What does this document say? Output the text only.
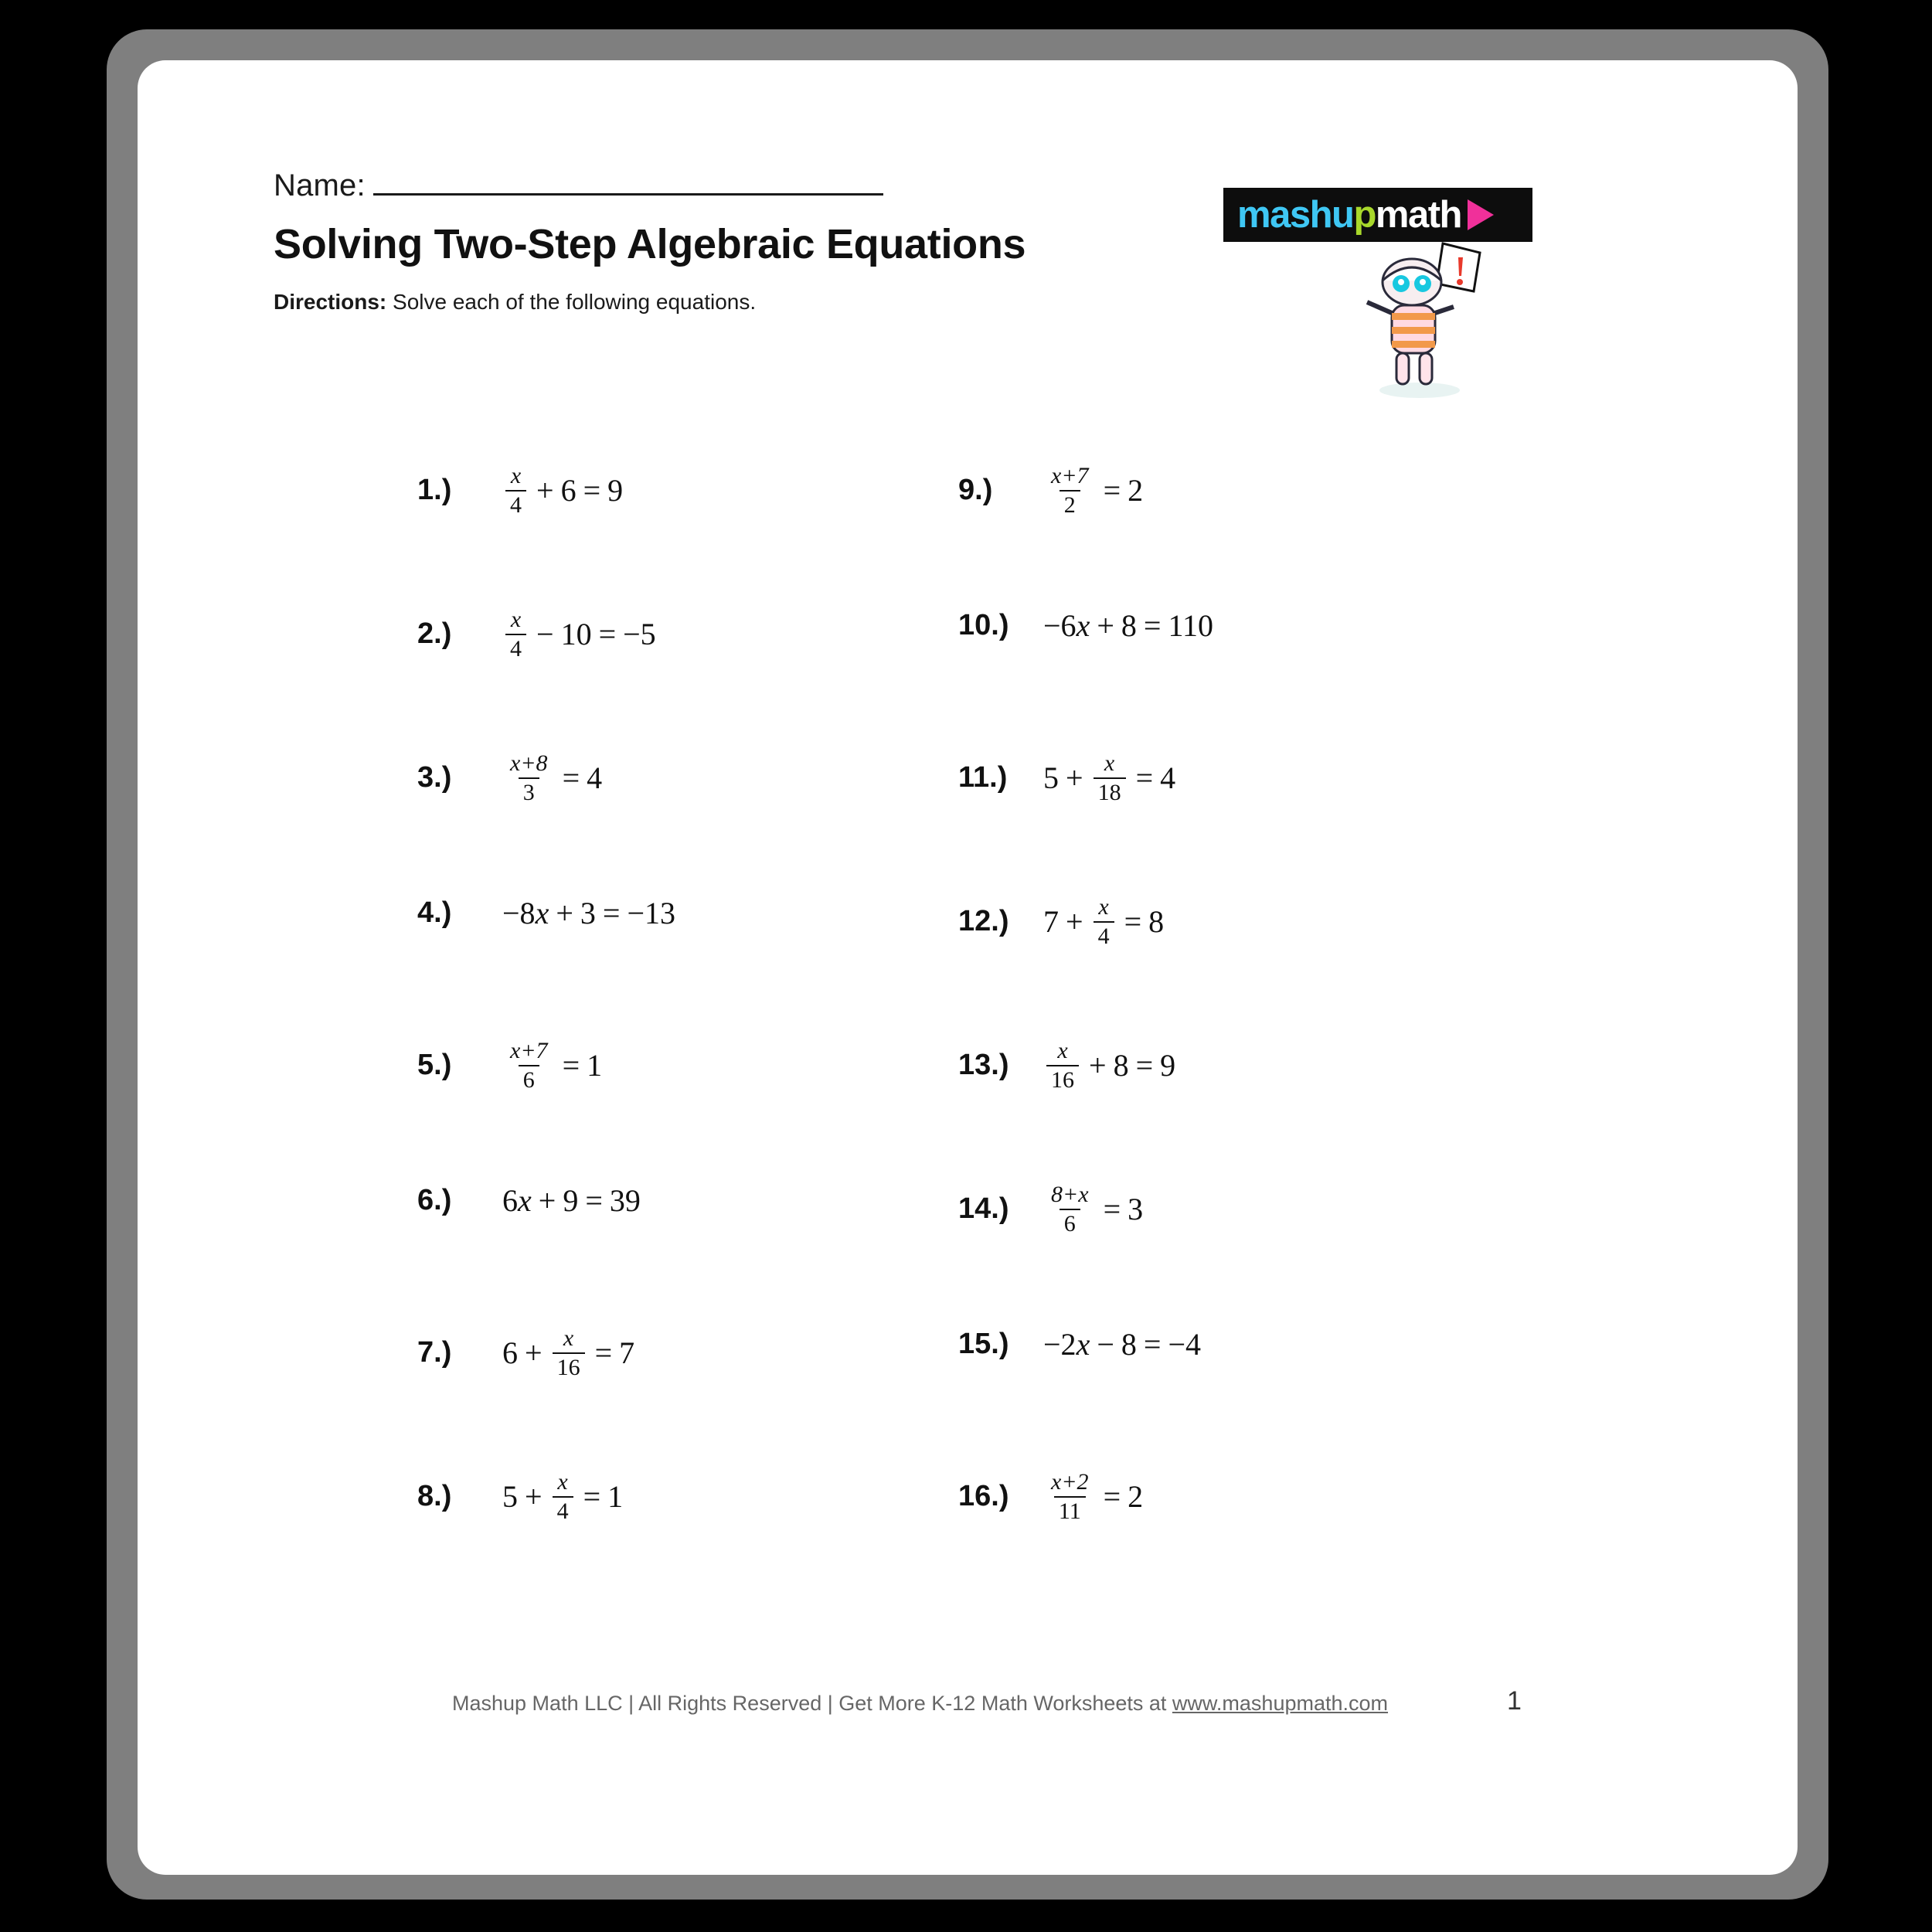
Name:
Solving Two-Step Algebraic Equations
Directions: Solve each of the following equations.
mashupmath
1.)	$\frac{x}{4} + 6 = 9$
2.)	$\frac{x}{4} - 10 = -5$
3.)	$\frac{x+8}{3} = 4$
4.)	−8 x + 3 = −13
5.)	$\frac{x+7}{6} = 1$
6.)	6 x + 9 = 39
7.)	$6 + \frac{x}{16} = 7$
8.)	$5 + \frac{x}{4} = 1$
9.)	$\frac{x+7}{2} = 2$
10.)	−6 x + 8 = 110
11.)	$5 + \frac{x}{18} = 4$
12.)	$7 + \frac{x}{4} = 8$
13.)	$\frac{x}{16} + 8 = 9$
14.)	$\frac{8+x}{6} = 3$
15.)	−2 x − 8 = −4
16.)	$\frac{x+2}{11} = 2$
Mashup Math LLC | All Rights Reserved | Get More K-12 Math Worksheets at www.mashupmath.com	1
